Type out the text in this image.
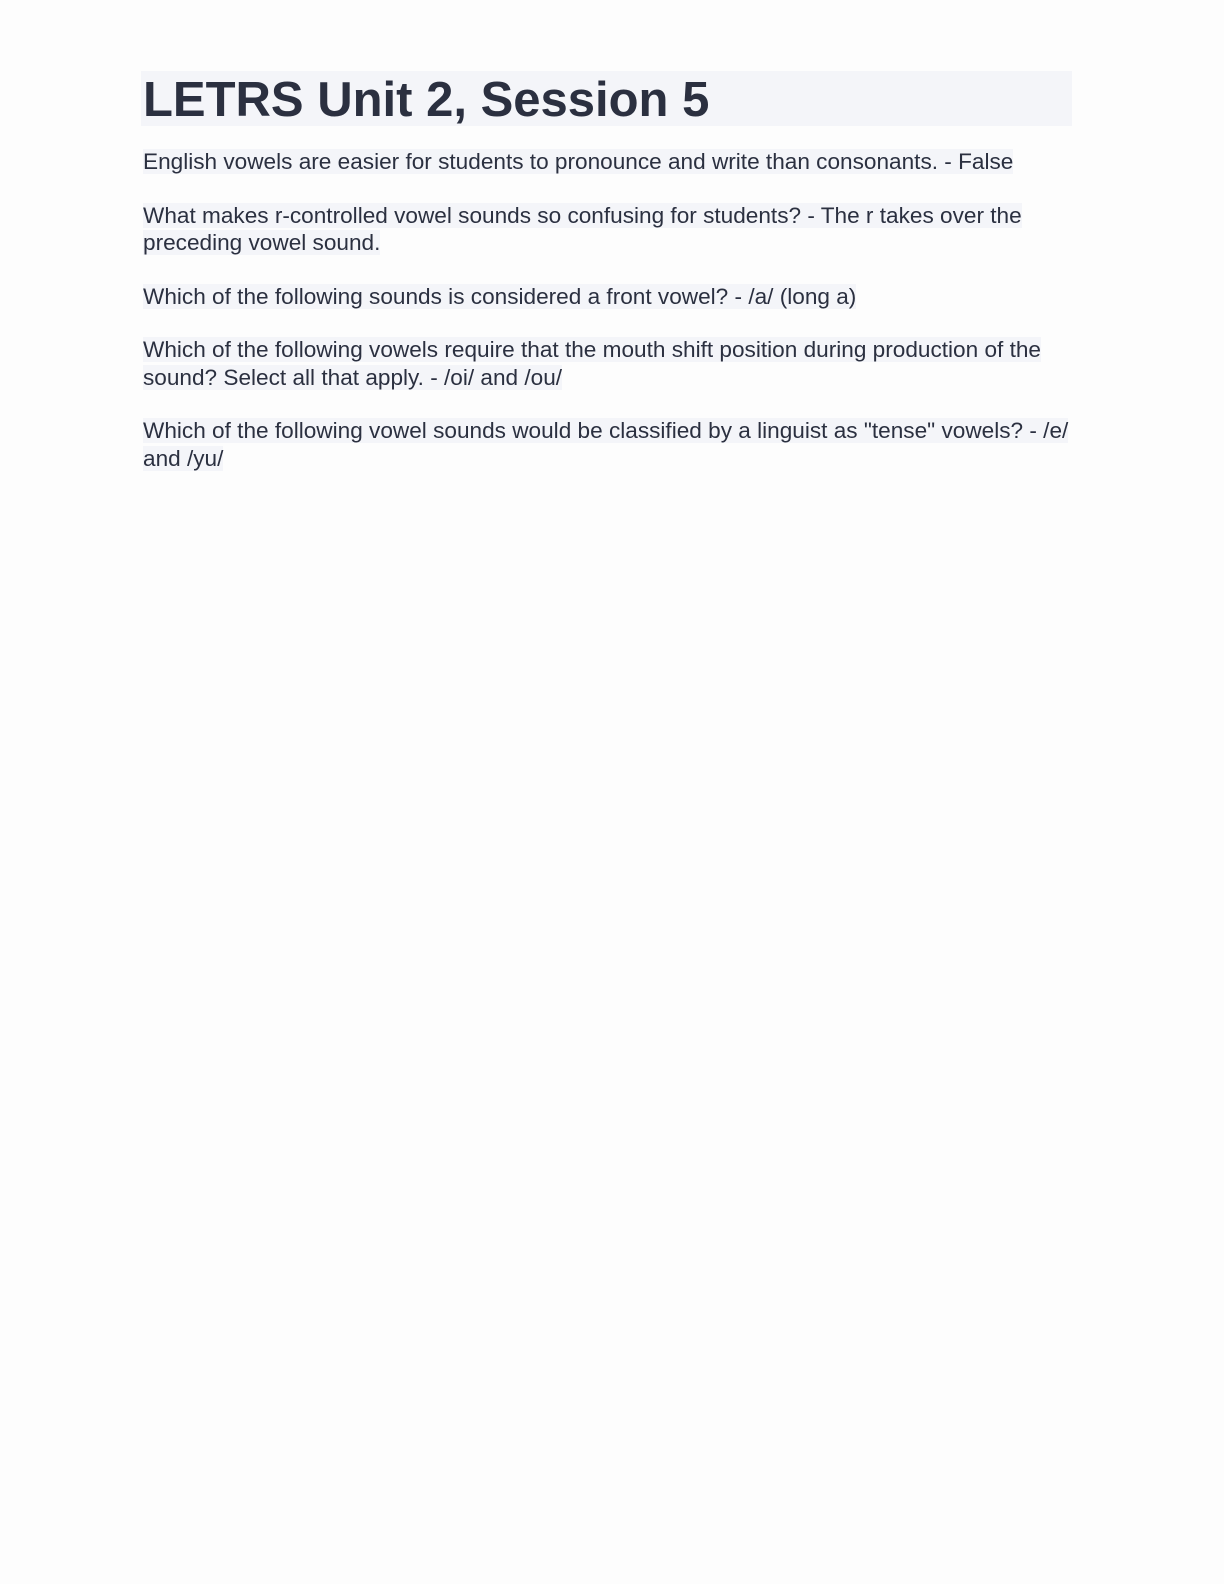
LETRS Unit 2, Session 5
English vowels are easier for students to pronounce and write than consonants. - False
What makes r-controlled vowel sounds so confusing for students? - The r takes over the preceding vowel sound.
Which of the following sounds is considered a front vowel? - /a/ (long a)
Which of the following vowels require that the mouth shift position during production of the sound? Select all that apply. - /oi/ and /ou/
Which of the following vowel sounds would be classified by a linguist as "tense" vowels? - /e/ and /yu/
